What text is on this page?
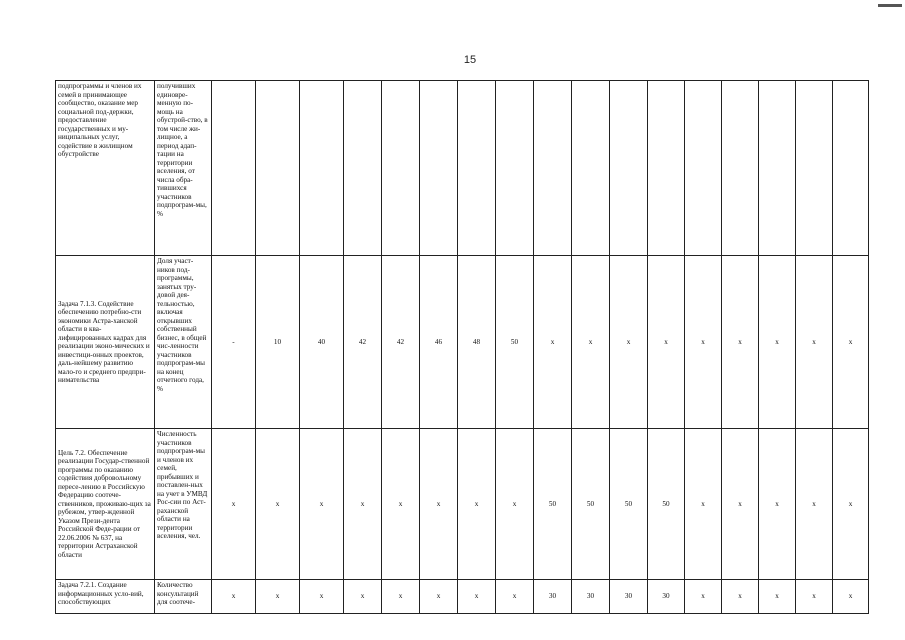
15
подпрограммы и членов их семей в принимающее сообщество, оказание мер социальной под-держки, предоставление государственных и му-ниципальных услуг, содействие в жилищном обустройстве	получивших единовре-менную по-мощь на обустрой-ство, в том числе жи-лищное, а период адап-тации на территории вселения, от числа обра-тившихся участников подпрограм-мы, %																	
Задача 7.1.3. Содействие обеспечению потребно-сти экономики Астра-ханской области в ква-лифицированных кадрах для реализации эконо-мических и инвестици-онных проектов, даль-нейшему развитию мало-го и среднего предпри-нимательства	Доля участ-ников под-программы, занятых тру-довой дея-тельностью, включая открывших собственный бизнес, в общей чис-ленности участников подпрограм-мы на конец отчетного года, %	-	10	40	42	42	46	48	50	х	х	х	х	х	х	х	х	х
Цель 7.2. Обеспечение реализации Государ-ственной программы по оказанию содействия добровольному пересе-лению в Российскую Федерацию соотече-ственников, проживаю-щих за рубежом, утвер-жденной Указом Прези-дента Российской Феде-рации от 22.06.2006 № 637, на территории Астраханской области	Численность участников подпрограм-мы и членов их семей, прибывших и поставлен-ных на учет в УМВД Рос-сии по Аст-раханской области на территории вселения, чел.	х	х	х	х	х	х	х	х	50	50	50	50	х	х	х	х	х
Задача 7.2.1. Создание информационных усло-вий, способствующих	Количество консультаций для соотече-	х	х	х	х	х	х	х	х	30	30	30	30	х	х	х	х	х
